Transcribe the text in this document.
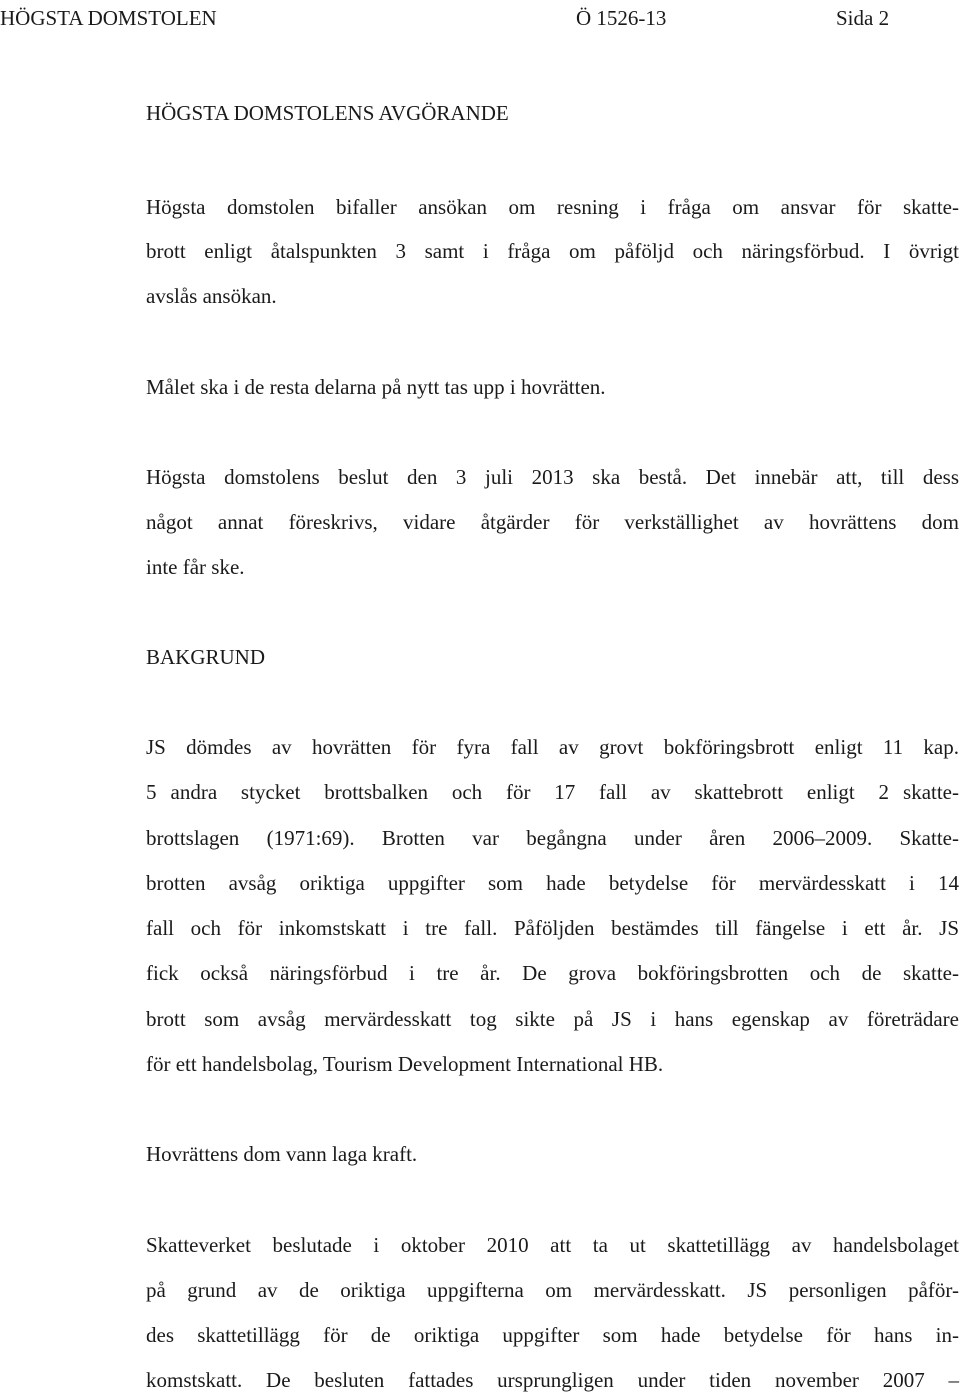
HÖGSTA DOMSTOLEN	Ö 1526-13	Sida 2

HÖGSTA DOMSTOLENS AVGÖRANDE

Högsta domstolen bifaller ansökan om resning i fråga om ansvar för skatte-

brott enligt åtalspunkten 3 samt i fråga om påföljd och näringsförbud. I övrigt

avslås ansökan.

Målet ska i de resta delarna på nytt tas upp i hovrätten.

Högsta domstolens beslut den 3 juli 2013 ska bestå. Det innebär att, till dess

något annat föreskrivs, vidare åtgärder för verkställighet av hovrättens dom

inte får ske.

BAKGRUND

JS dömdes av hovrätten för fyra fall av grovt bokföringsbrott enligt 11 kap.

5 andra stycket brottsbalken och för 17 fall av skattebrott enligt 2 skatte-

brottslagen (1971:69). Brotten var begångna under åren 2006–2009. Skatte-

brotten avsåg oriktiga uppgifter som hade betydelse för mervärdesskatt i 14

fall och för inkomstskatt i tre fall. Påföljden bestämdes till fängelse i ett år. JS

fick också näringsförbud i tre år. De grova bokföringsbrotten och de skatte-

brott som avsåg mervärdesskatt tog sikte på JS i hans egenskap av företrädare

för ett handelsbolag, Tourism Development International HB.

Hovrättens dom vann laga kraft.

Skatteverket beslutade i oktober 2010 att ta ut skattetillägg av handelsbolaget

på grund av de oriktiga uppgifterna om mervärdesskatt. JS personligen påför-

des skattetillägg för de oriktiga uppgifter som hade betydelse för hans in-

komstskatt. De besluten fattades ursprungligen under tiden november 2007 –
